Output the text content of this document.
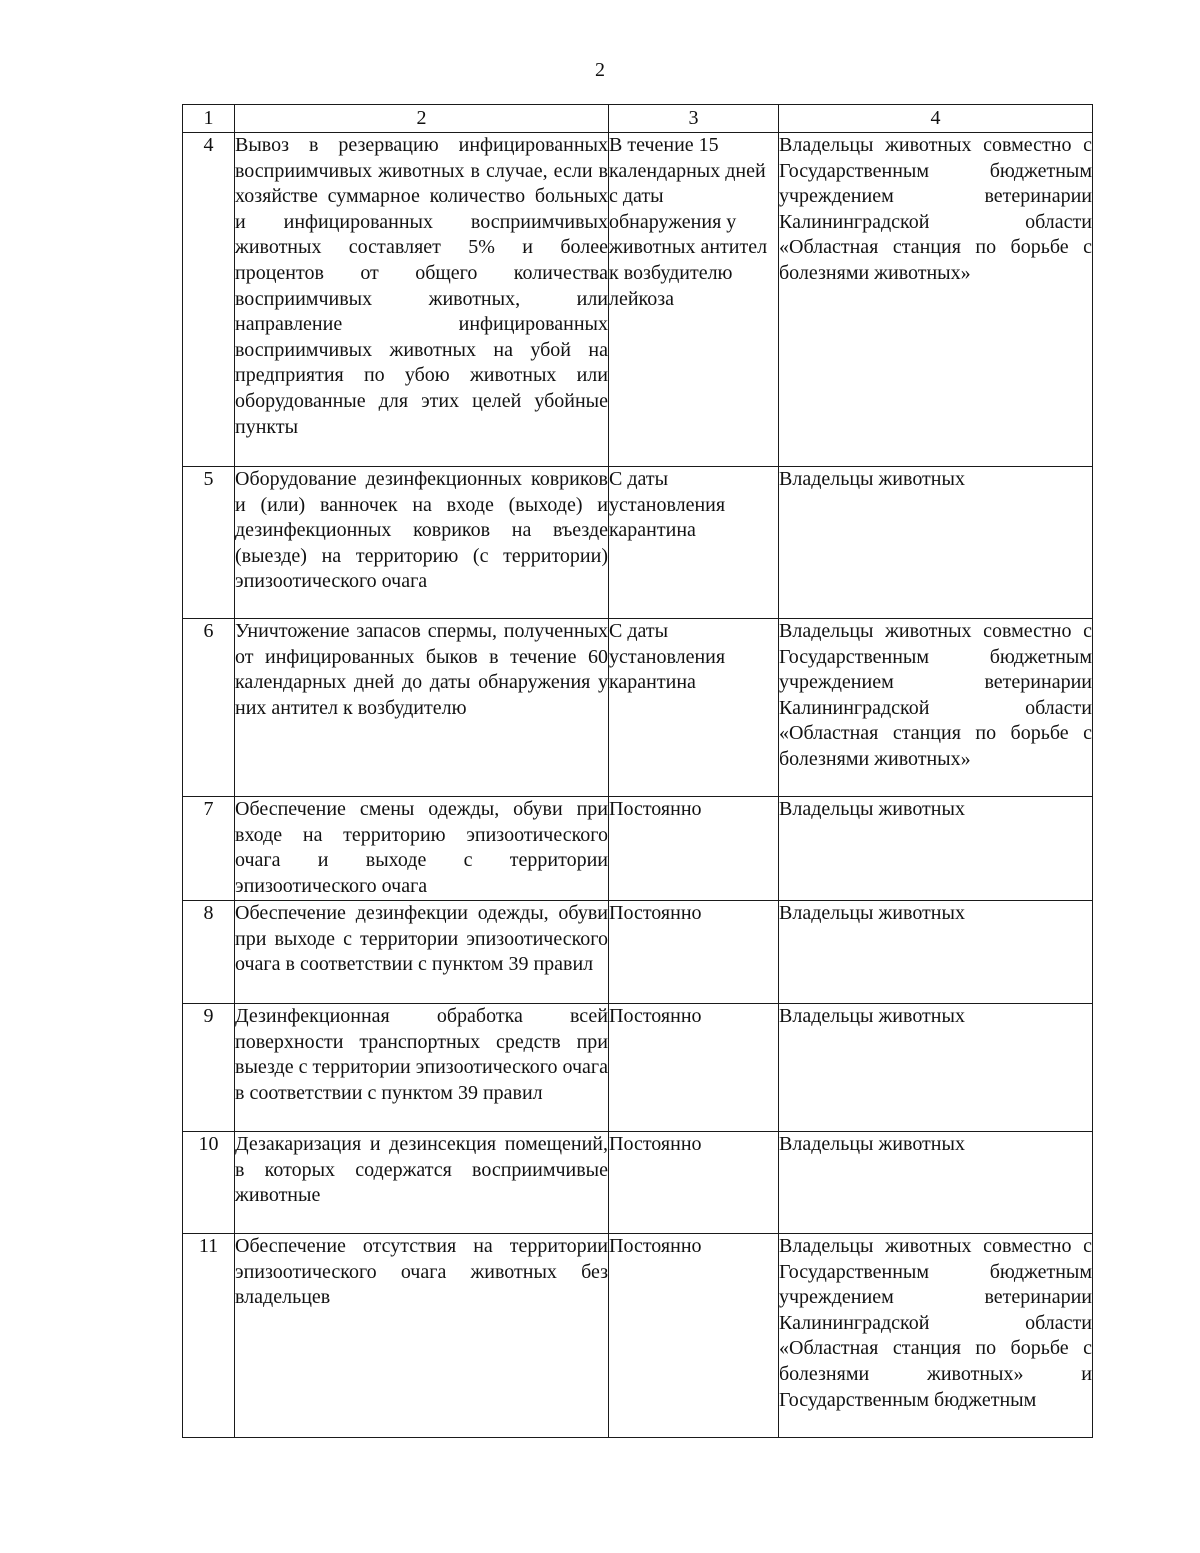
2
1	2	3	4
4	Вывоз в резервацию инфицированных восприимчивых животных в случае, если в хозяйстве суммарное количество больных и инфицированных восприимчивых животных составляет 5% и более процентов от общего количества восприимчивых животных, или направление инфицированных восприимчивых животных на убой на предприятия по убою животных или оборудованные для этих целей убойные пункты	В течение 15 календарных дней с даты обнаружения у животных антител к возбудителю лейкоза	Владельцы животных совместно с Государственным бюджетным учреждением ветеринарии Калининградской области «Областная станция по борьбе с болезнями животных»
5	Оборудование дезинфекционных ковриков и (или) ванночек на входе (выходе) и дезинфекционных ковриков на въезде (выезде) на территорию (с территории) эпизоотического очага	С даты установления карантина	Владельцы животных
6	Уничтожение запасов спермы, полученных от инфицированных быков в течение 60 календарных дней до даты обнаружения у них антител к возбудителю	С даты установления карантина	Владельцы животных совместно с Государственным бюджетным учреждением ветеринарии Калининградской области «Областная станция по борьбе с болезнями животных»
7	Обеспечение смены одежды, обуви при входе на территорию эпизоотического очага и выходе с территории эпизоотического очага	Постоянно	Владельцы животных
8	Обеспечение дезинфекции одежды, обуви при выходе с территории эпизоотического очага в соответствии с пунктом 39 правил	Постоянно	Владельцы животных
9	Дезинфекционная обработка всей поверхности транспортных средств при выезде с территории эпизоотического очага в соответствии с пунктом 39 правил	Постоянно	Владельцы животных
10	Дезакаризация и дезинсекция помещений, в которых содержатся восприимчивые животные	Постоянно	Владельцы животных
11	Обеспечение отсутствия на территории эпизоотического очага животных без владельцев	Постоянно	Владельцы животных совместно с Государственным бюджетным учреждением ветеринарии Калининградской области «Областная станция по борьбе с болезнями животных» и Государственным бюджетным
